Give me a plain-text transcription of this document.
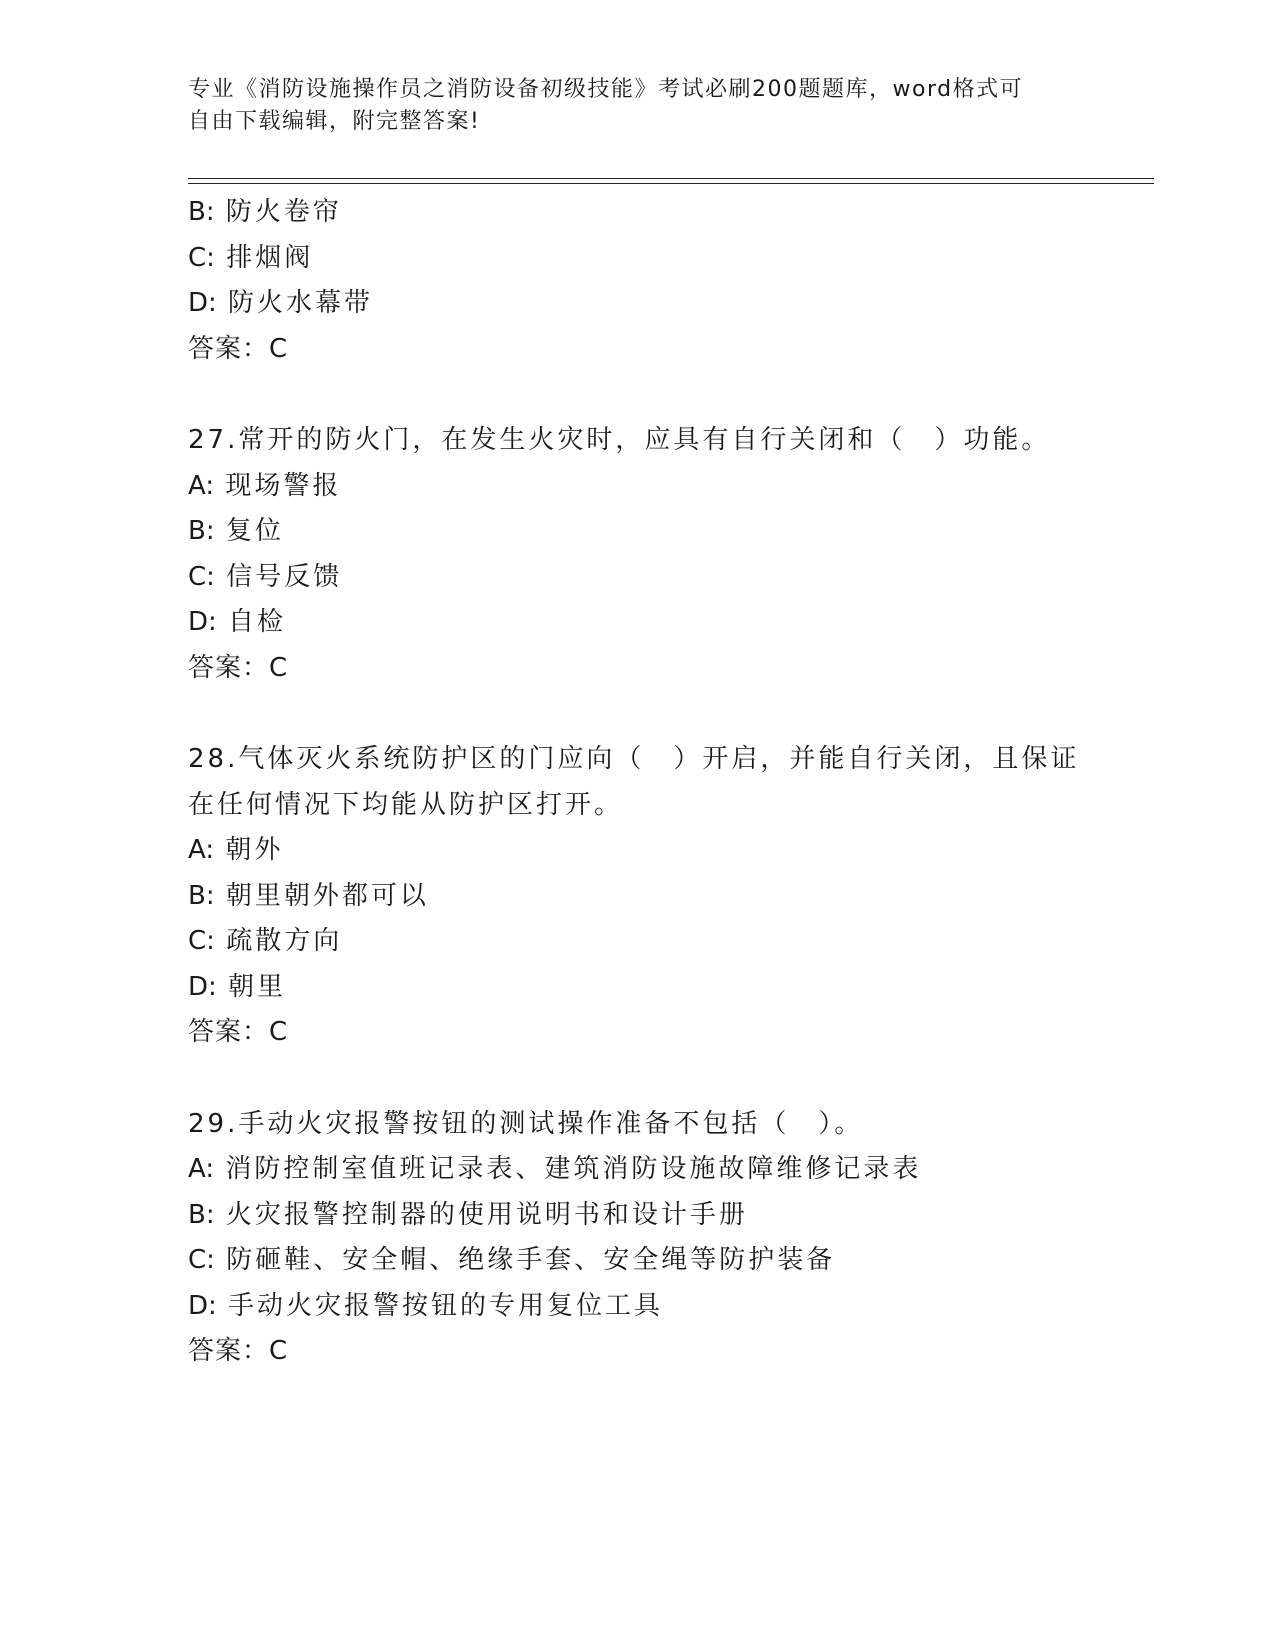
专业《消防设施操作员之消防设备初级技能》考试必刷200题题库，word格式可
自由下载编辑，附完整答案!
B: 防火卷帘
C: 排烟阀
D: 防火水幕带
答案：C
27.常开的防火门，在发生火灾时，应具有自行关闭和（　）功能。
A: 现场警报
B: 复位
C: 信号反馈
D: 自检
答案：C
28.气体灭火系统防护区的门应向（　）开启，并能自行关闭，且保证
在任何情况下均能从防护区打开。
A: 朝外
B: 朝里朝外都可以
C: 疏散方向
D: 朝里
答案：C
29.手动火灾报警按钮的测试操作准备不包括（　）。
A: 消防控制室值班记录表、建筑消防设施故障维修记录表
B: 火灾报警控制器的使用说明书和设计手册
C: 防砸鞋、安全帽、绝缘手套、安全绳等防护装备
D: 手动火灾报警按钮的专用复位工具
答案：C
